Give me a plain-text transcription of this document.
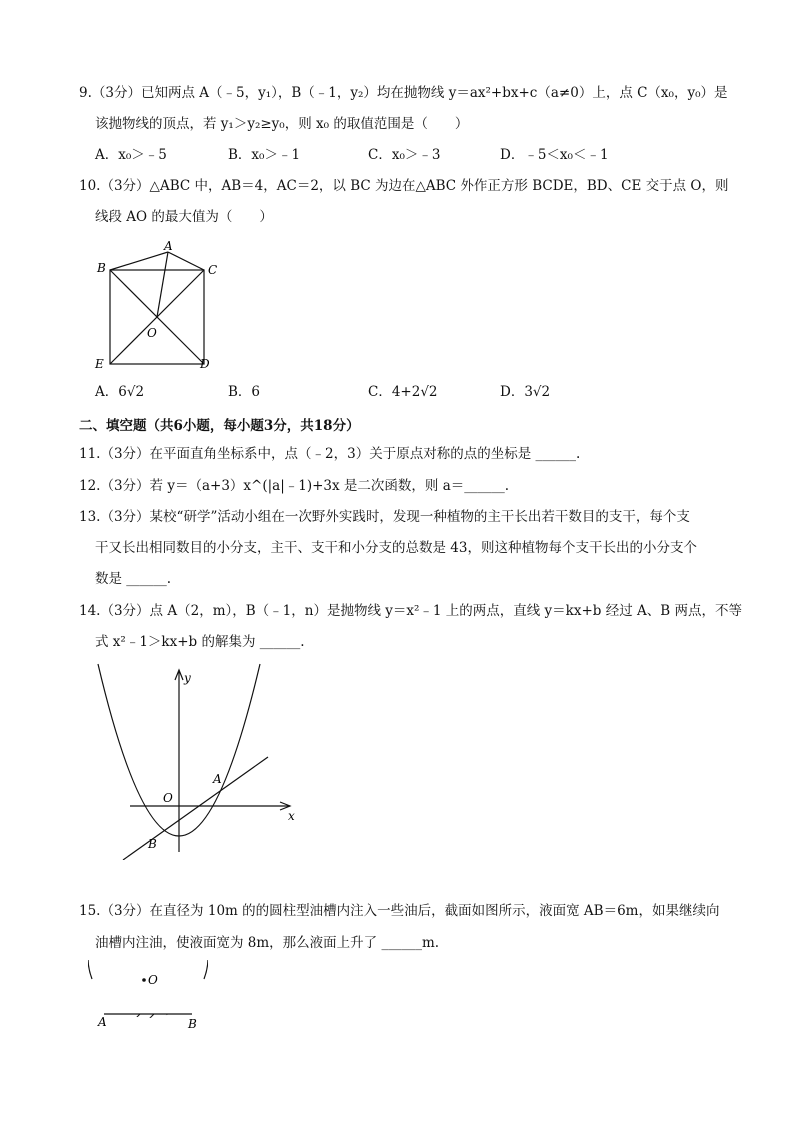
9.（3分）已知两点 A（﹣5，y₁），B（﹣1，y₂）均在抛物线 y＝ax²+bx+c（a≠0）上，点 C（x₀，y₀）是
该抛物线的顶点，若 y₁＞y₂≥y₀，则 x₀ 的取值范围是（　　）
A．x₀＞﹣5	B．x₀＞﹣1	C．x₀＞﹣3	D．﹣5＜x₀＜﹣1
10.（3分）△ABC 中，AB＝4，AC＝2，以 BC 为边在△ABC 外作正方形 BCDE，BD、CE 交于点 O，则
线段 AO 的最大值为（　　）
A
B	C
O
E	D
A．6√2	B．6	C．4+2√2	D．3√2
二、填空题（共6小题，每小题3分，共18分）
11.（3分）在平面直角坐标系中，点（﹣2，3）关于原点对称的点的坐标是 ______.
12.（3分）若 y＝（a+3）x^(|a|﹣1)+3x 是二次函数，则 a＝______.
13.（3分）某校“研学”活动小组在一次野外实践时，发现一种植物的主干长出若干数目的支干，每个支
干又长出相同数目的小分支，主干、支干和小分支的总数是 43，则这种植物每个支干长出的小分支个
数是 ______.
14.（3分）点 A（2，m），B（﹣1，n）是抛物线 y＝x²﹣1 上的两点，直线 y＝kx+b 经过 A、B 两点，不等
式 x²﹣1＞kx+b 的解集为 ______.
y
x
O
A
B
15.（3分）在直径为 10m 的的圆柱型油槽内注入一些油后，截面如图所示，液面宽 AB＝6m，如果继续向
油槽内注油，使液面宽为 8m，那么液面上升了 ______m.
O
A	B
